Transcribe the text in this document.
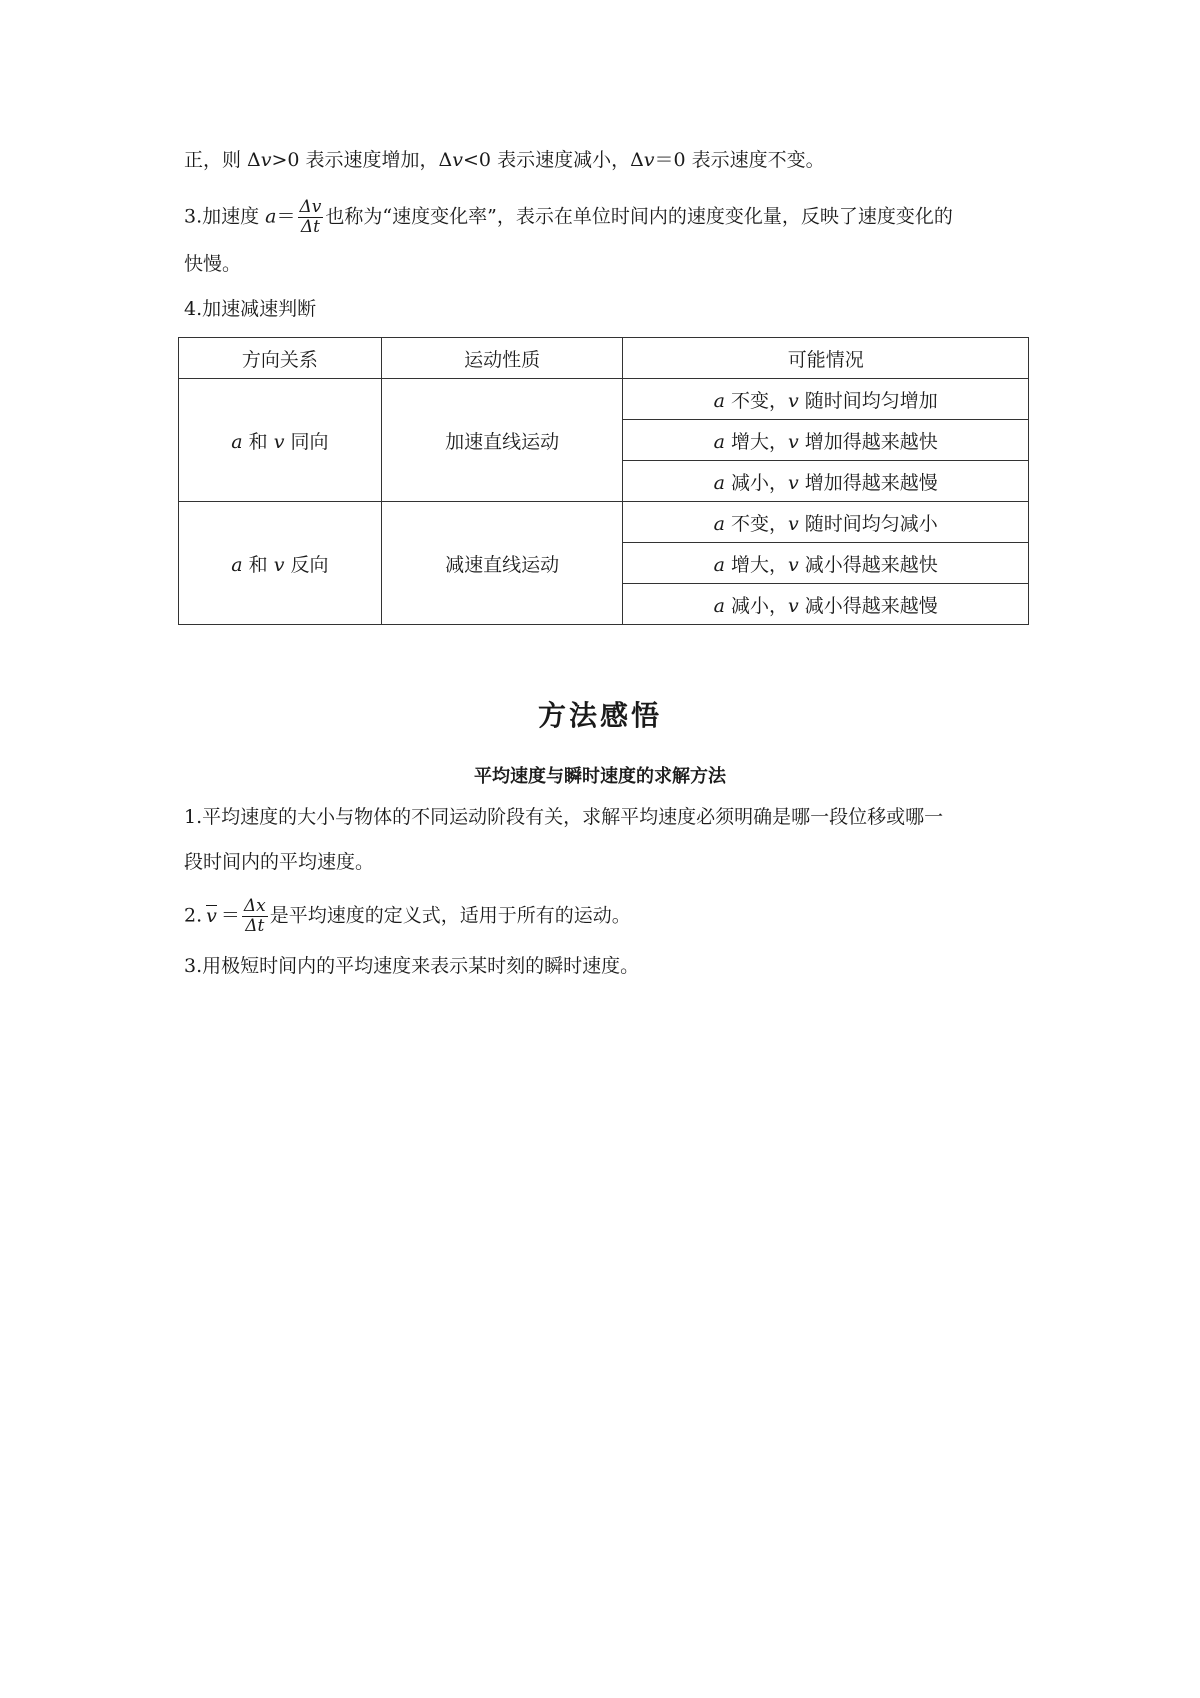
正，则 Δv>0 表示速度增加，Δv<0 表示速度减小，Δv＝0 表示速度不变。
3.加速度 $a= \frac{\Delta v}{\Delta t}$ 也称为“速度变化率”，表示在单位时间内的速度变化量，反映了速度变化的
快慢。
4.加速减速判断
方向关系	运动性质	可能情况
a 和 v 同向	加速直线运动	a 不变，v 随时间均匀增加
		a 增大，v 增加得越来越快
		a 减小，v 增加得越来越慢
a 和 v 反向	减速直线运动	a 不变，v 随时间均匀减小
		a 增大，v 减小得越来越快
		a 减小，v 减小得越来越慢
方法感悟
平均速度与瞬时速度的求解方法
1.平均速度的大小与物体的不同运动阶段有关，求解平均速度必须明确是哪一段位移或哪一
段时间内的平均速度。
2. $v = \frac{\Delta x}{\Delta t}$ 是平均速度的定义式，适用于所有的运动。
3.用极短时间内的平均速度来表示某时刻的瞬时速度。
